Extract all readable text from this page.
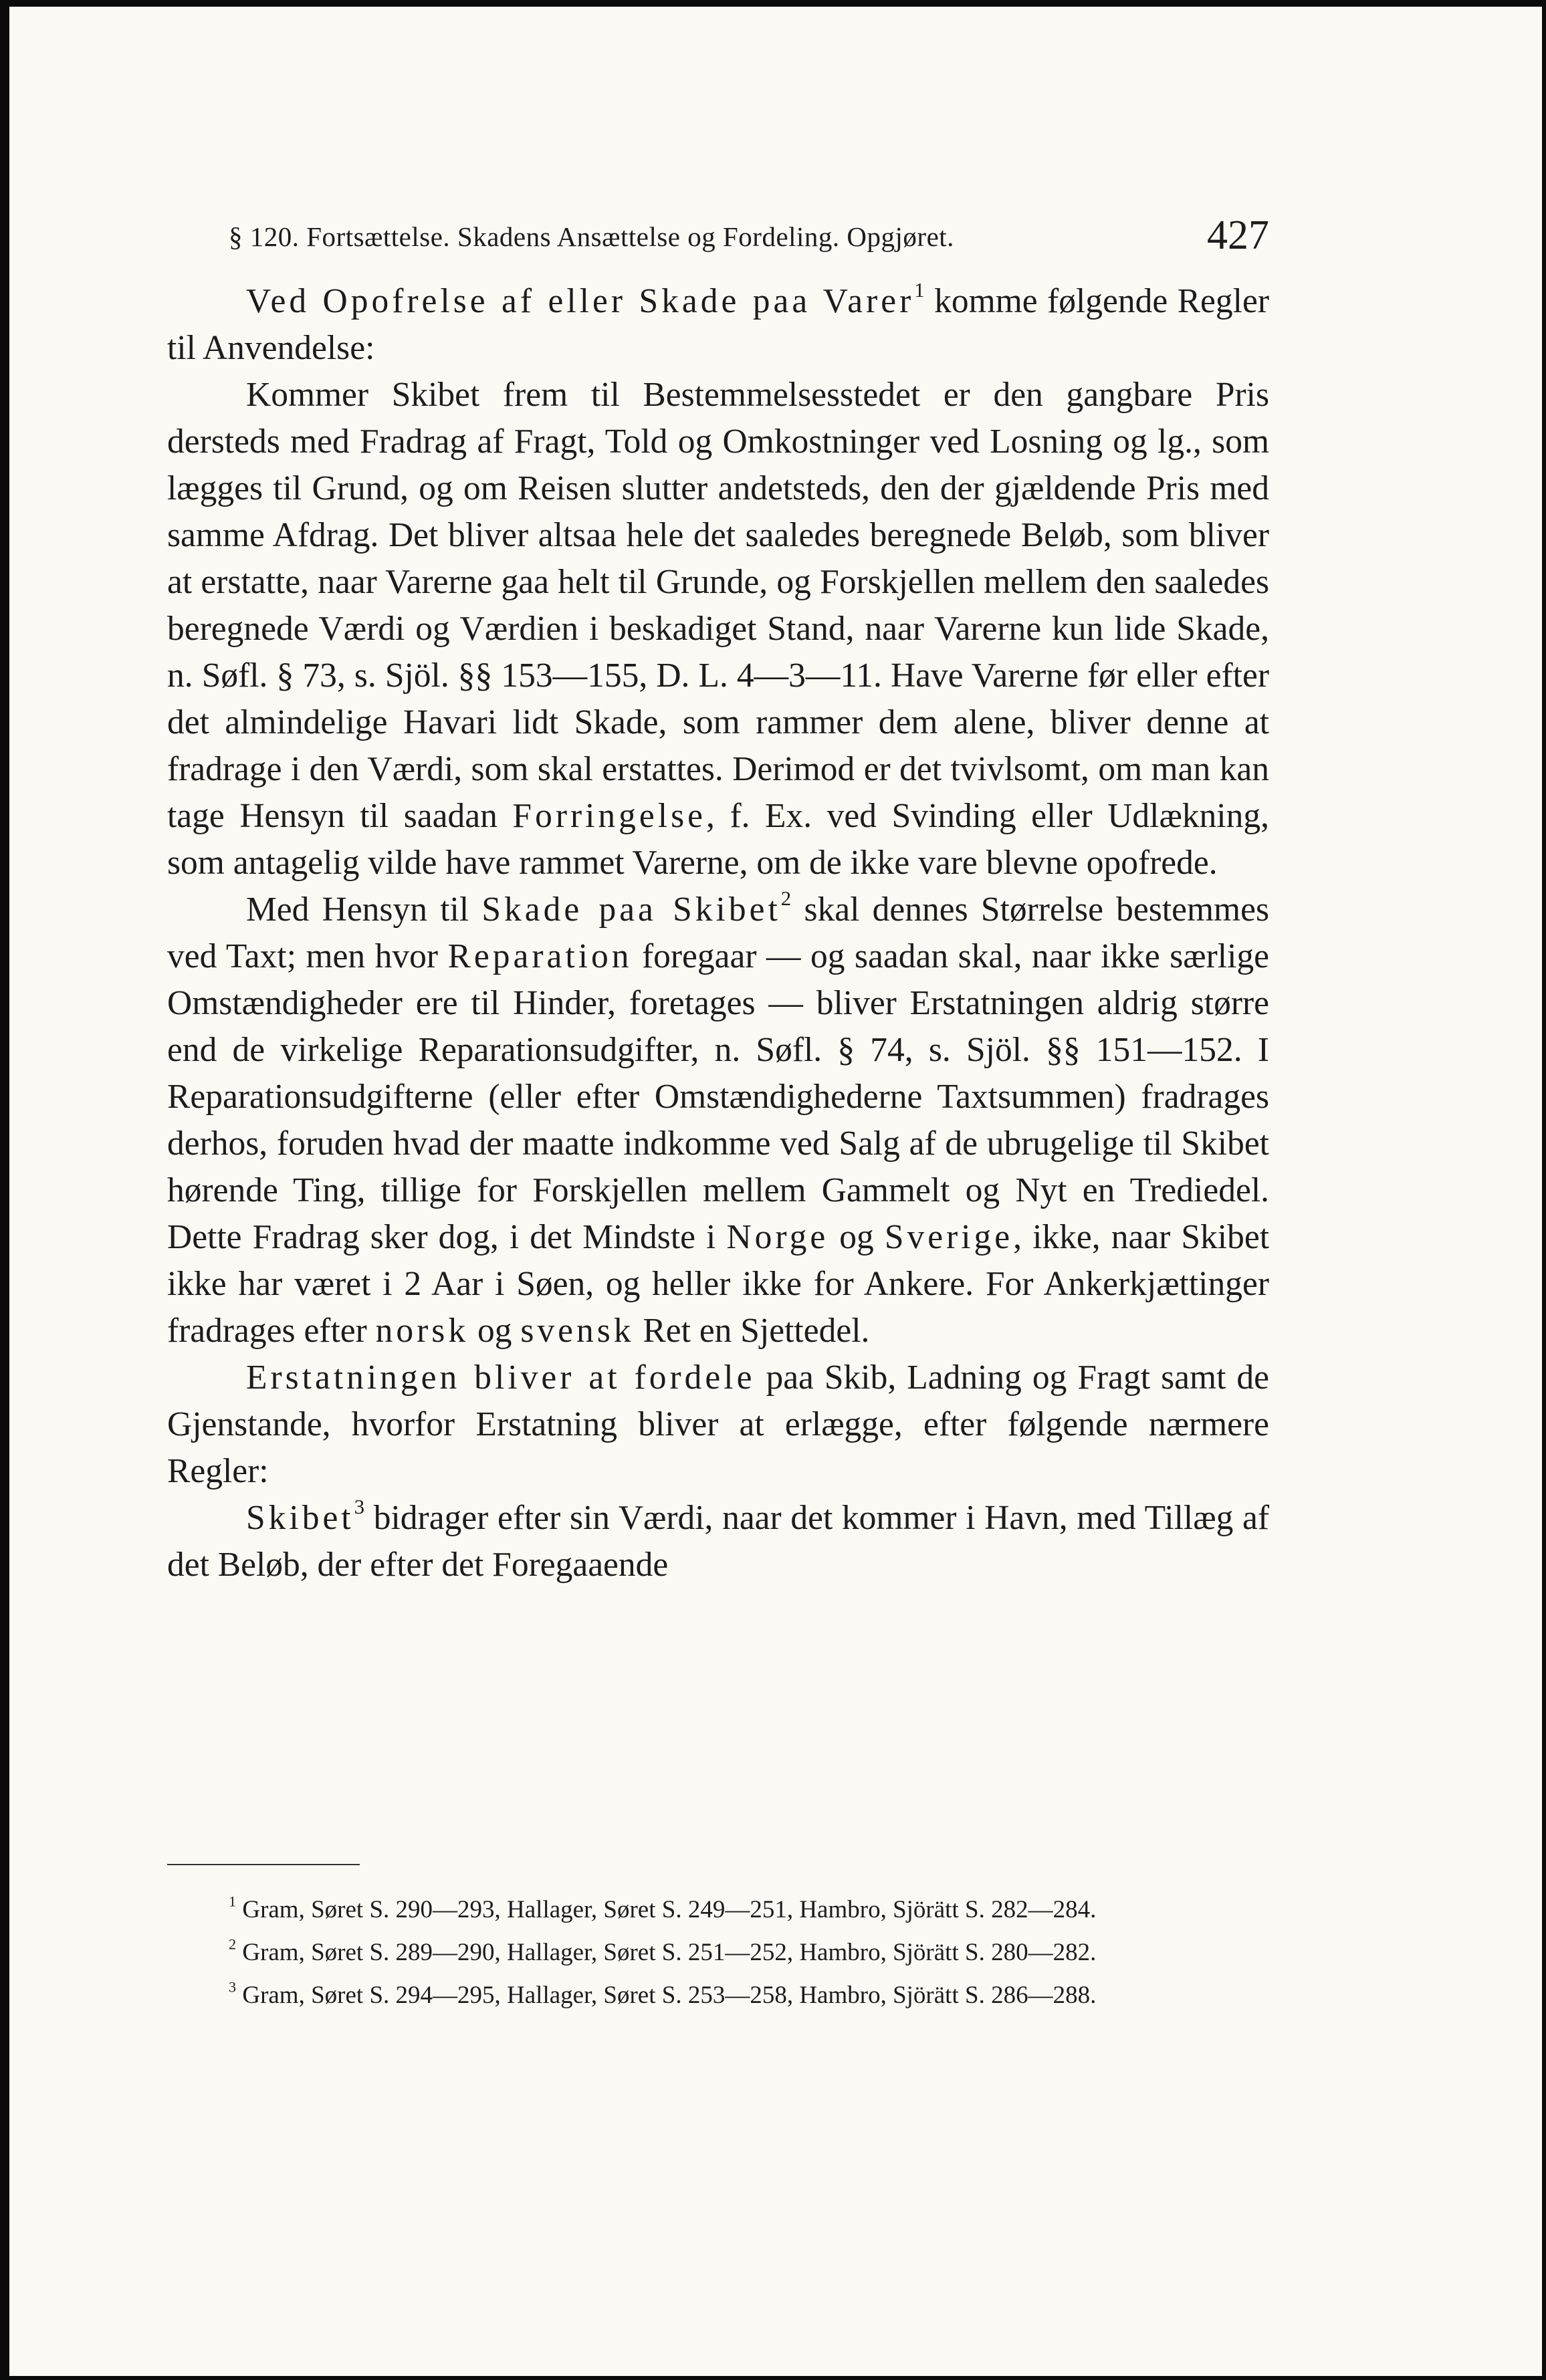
§ 120. Fortsættelse. Skadens Ansættelse og Fordeling. Opgjøret.	427

Ved Opofrelse af eller Skade paa Varer$^1$ komme følgende Regler til Anvendelse:

Kommer Skibet frem til Bestemmelsesstedet er den gangbare Pris dersteds med Fradrag af Fragt, Told og Omkostninger ved Losning og lg., som lægges til Grund, og om Reisen slutter andetsteds, den der gjældende Pris med samme Afdrag. Det bliver altsaa hele det saaledes beregnede Beløb, som bliver at erstatte, naar Varerne gaa helt til Grunde, og Forskjellen mellem den saaledes beregnede Værdi og Værdien i beskadiget Stand, naar Varerne kun lide Skade, n. Søfl. § 73, s. Sjöl. §§ 153—155, D. L. 4—3—11. Have Varerne før eller efter det almindelige Havari lidt Skade, som rammer dem alene, bliver denne at fradrage i den Værdi, som skal erstattes. Derimod er det tvivlsomt, om man kan tage Hensyn til saadan Forringelse, f. Ex. ved Svinding eller Udlækning, som antagelig vilde have rammet Varerne, om de ikke vare blevne opofrede.

Med Hensyn til Skade paa Skibet$^2$ skal dennes Størrelse bestemmes ved Taxt; men hvor Reparation foregaar — og saadan skal, naar ikke særlige Omstændigheder ere til Hinder, foretages — bliver Erstatningen aldrig større end de virkelige Reparationsudgifter, n. Søfl. § 74, s. Sjöl. §§ 151—152. I Reparationsudgifterne (eller efter Omstændighederne Taxtsummen) fradrages derhos, foruden hvad der maatte indkomme ved Salg af de ubrugelige til Skibet hørende Ting, tillige for Forskjellen mellem Gammelt og Nyt en Trediedel. Dette Fradrag sker dog, i det Mindste i Norge og Sverige, ikke, naar Skibet ikke har været i 2 Aar i Søen, og heller ikke for Ankere. For Ankerkjættinger fradrages efter norsk og svensk Ret en Sjettedel.

Erstatningen bliver at fordele paa Skib, Ladning og Fragt samt de Gjenstande, hvorfor Erstatning bliver at erlægge, efter følgende nærmere Regler:

Skibet$^3$ bidrager efter sin Værdi, naar det kommer i Havn, med Tillæg af det Beløb, der efter det Foregaaende

$^1$ Gram, Søret S. 290—293, Hallager, Søret S. 249—251, Hambro, Sjörätt S. 282—284.

$^2$ Gram, Søret S. 289—290, Hallager, Søret S. 251—252, Hambro, Sjörätt S. 280—282.

$^3$ Gram, Søret S. 294—295, Hallager, Søret S. 253—258, Hambro, Sjörätt S. 286—288.
